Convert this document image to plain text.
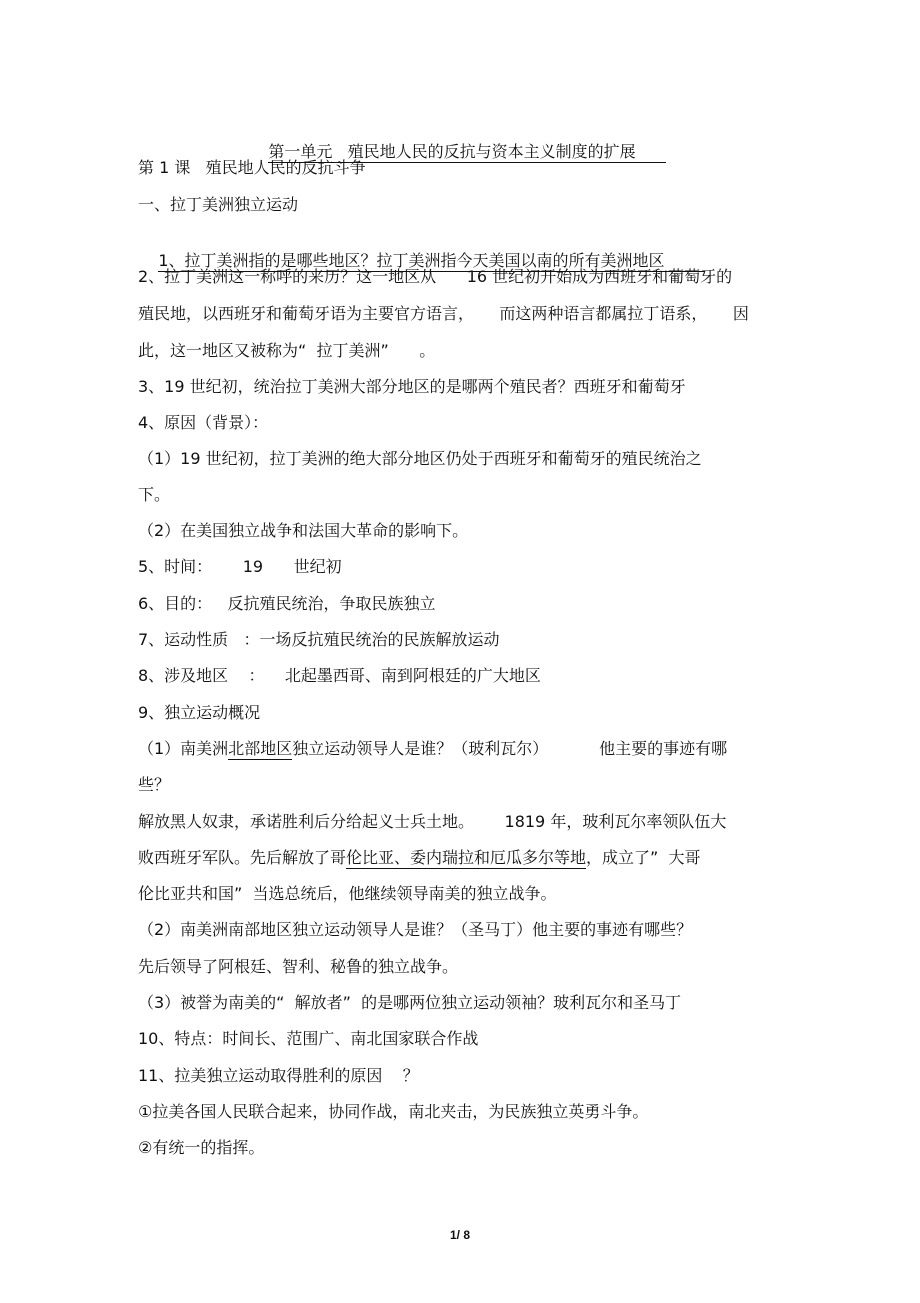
第一单元   殖民地人民的反抗与资本主义制度的扩展

第 1 课   殖民地人民的反抗斗争
一、拉丁美洲独立运动

1、拉丁美洲指的是哪些地区？拉丁美洲指今天美国以南的所有美洲地区

2、拉丁美洲这一称呼的来历？这一地区从      16 世纪初开始成为西班牙和葡萄牙的
殖民地，以西班牙和葡萄牙语为主要官方语言，     而这两种语言都属拉丁语系，     因
此，这一地区又被称为“  拉丁美洲”      。
3、19 世纪初，统治拉丁美洲大部分地区的是哪两个殖民者？西班牙和葡萄牙
4、原因（背景）：
（1）19 世纪初，拉丁美洲的绝大部分地区仍处于西班牙和葡萄牙的殖民统治之
下。
（2）在美国独立战争和法国大革命的影响下。
5、时间：      19      世纪初
6、目的：   反抗殖民统治，争取民族独立
7、运动性质   ：一场反抗殖民统治的民族解放运动
8、涉及地区    ：    北起墨西哥、南到阿根廷的广大地区
9、独立运动概况
（1）南美洲北部地区独立运动领导人是谁？（玻利瓦尔）          他主要的事迹有哪
些？
解放黑人奴隶，承诺胜利后分给起义士兵土地。      1819 年，玻利瓦尔率领队伍大
败西班牙军队。先后解放了哥伦比亚、委内瑞拉和厄瓜多尔等地，成立了”  大哥
伦比亚共和国”  当选总统后，他继续领导南美的独立战争。
（2）南美洲南部地区独立运动领导人是谁？（圣马丁）他主要的事迹有哪些？
先后领导了阿根廷、智利、秘鲁的独立战争。
（3）被誉为南美的“  解放者”  的是哪两位独立运动领袖？玻利瓦尔和圣马丁
10、特点：时间长、范围广、南北国家联合作战
11、拉美独立运动取得胜利的原因    ？
①拉美各国人民联合起来，协同作战，南北夹击，为民族独立英勇斗争。
②有统一的指挥。
1/ 8
